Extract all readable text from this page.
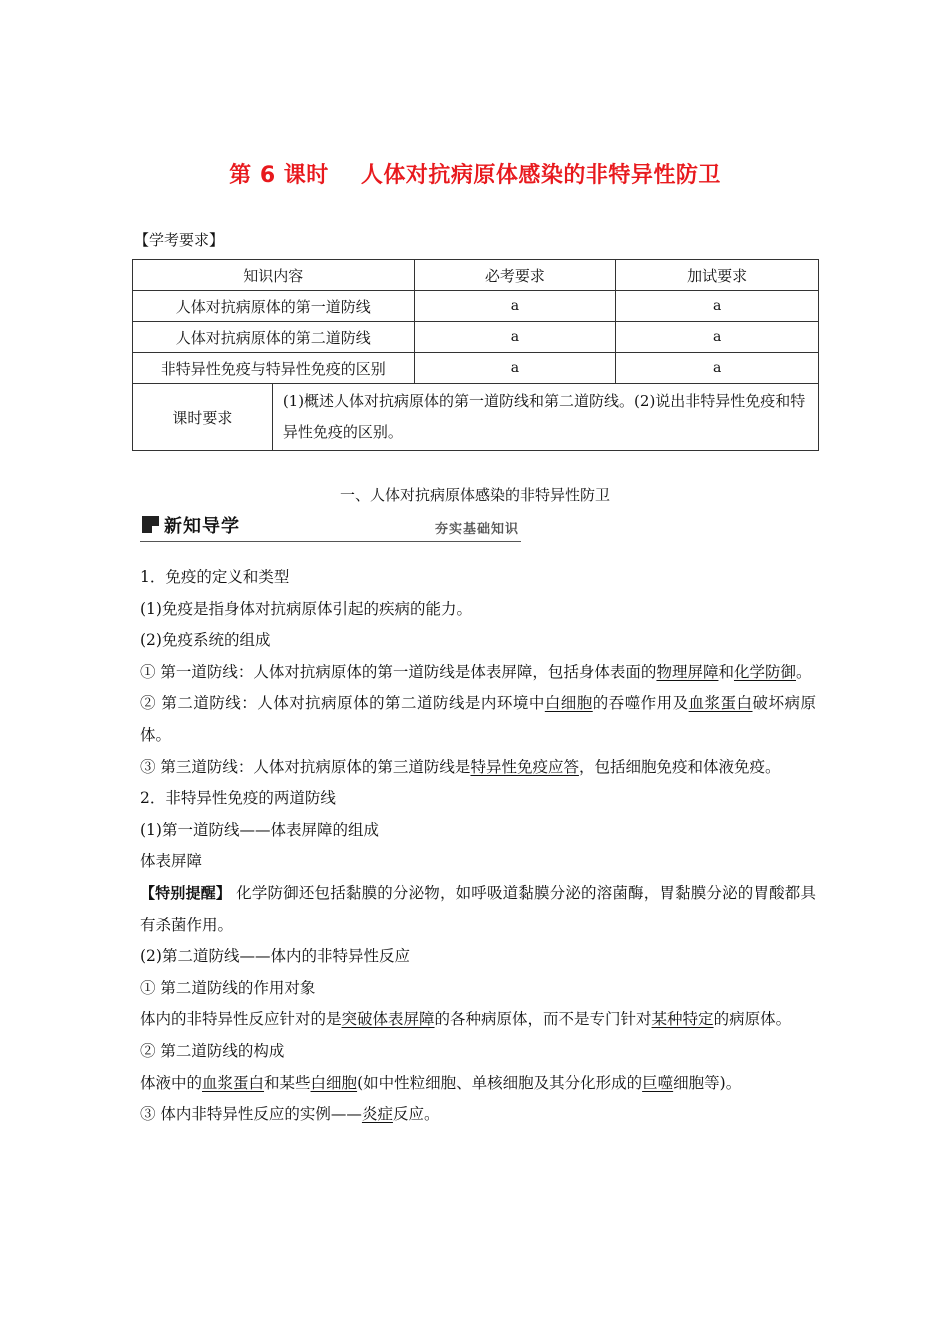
第 6 课时 人体对抗病原体感染的非特异性防卫
【学考要求】
知识内容		必考要求	加试要求
人体对抗病原体的第一道防线		a	a
人体对抗病原体的第二道防线		a	a
非特异性免疫与特异性免疫的区别		a	a
课时要求	(1)概述人体对抗病原体的第一道防线和第二道防线。(2)说出非特异性免疫和特异性免疫的区别。		
一、人体对抗病原体感染的非特异性防卫
新知导学	夯实基础知识

1．免疫的定义和类型

(1)免疫是指身体对抗病原体引起的疾病的能力。

(2)免疫系统的组成

① 第一道防线：人体对抗病原体的第一道防线是体表屏障，包括身体表面的物理屏障和化学防御。

② 第二道防线：人体对抗病原体的第二道防线是内环境中白细胞的吞噬作用及血浆蛋白破坏病原体。

③ 第三道防线：人体对抗病原体的第三道防线是特异性免疫应答，包括细胞免疫和体液免疫。

2．非特异性免疫的两道防线

(1)第一道防线——体表屏障的组成

体表屏障

【特别提醒】 化学防御还包括黏膜的分泌物，如呼吸道黏膜分泌的溶菌酶，胃黏膜分泌的胃酸都具有杀菌作用。

(2)第二道防线——体内的非特异性反应

① 第二道防线的作用对象

体内的非特异性反应针对的是突破体表屏障的各种病原体，而不是专门针对某种特定的病原体。

② 第二道防线的构成

体液中的血浆蛋白和某些白细胞(如中性粒细胞、单核细胞及其分化形成的巨噬细胞等)。

③ 体内非特异性反应的实例——炎症反应。
